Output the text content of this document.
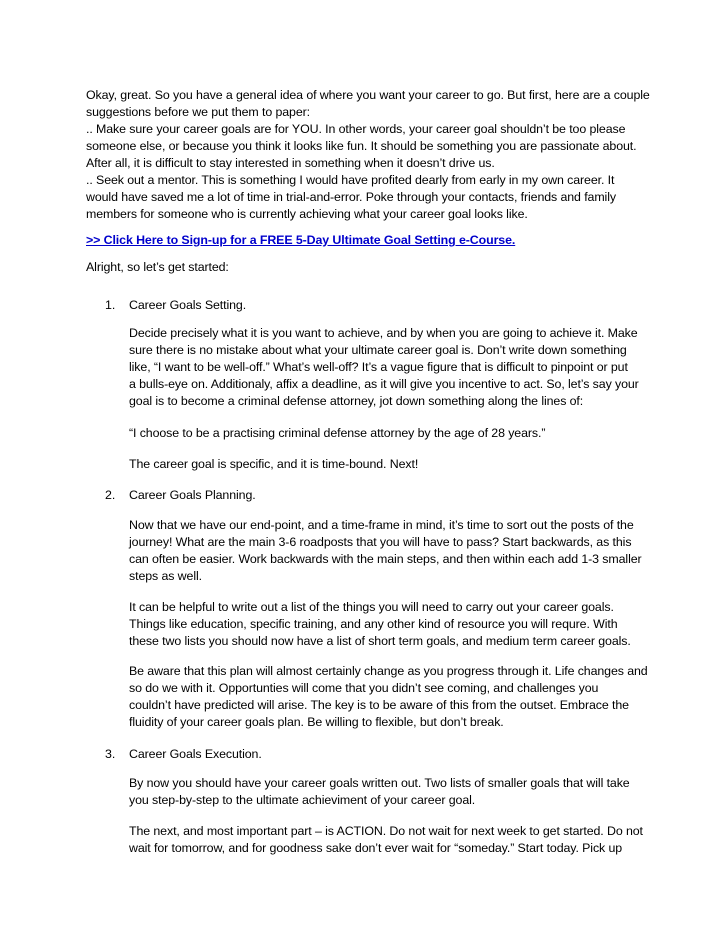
Okay, great. So you have a general idea of where you want your career to go. But first, here are a couple
suggestions before we put them to paper:
.. Make sure your career goals are for YOU. In other words, your career goal shouldn’t be too please
someone else, or because you think it looks like fun. It should be something you are passionate about.
After all, it is difficult to stay interested in something when it doesn’t drive us.
.. Seek out a mentor. This is something I would have profited dearly from early in my own career. It
would have saved me a lot of time in trial-and-error. Poke through your contacts, friends and family
members for someone who is currently achieving what your career goal looks like.
>> Click Here to Sign-up for a FREE 5-Day Ultimate Goal Setting e-Course.
Alright, so let’s get started:
1. Career Goals Setting.
Decide precisely what it is you want to achieve, and by when you are going to achieve it. Make
sure there is no mistake about what your ultimate career goal is. Don’t write down something
like, “I want to be well-off.” What’s well-off? It’s a vague figure that is difficult to pinpoint or put
a bulls-eye on. Additionaly, affix a deadline, as it will give you incentive to act. So, let’s say your
goal is to become a criminal defense attorney, jot down something along the lines of:
“I choose to be a practising criminal defense attorney by the age of 28 years.”
The career goal is specific, and it is time-bound. Next!
2. Career Goals Planning.
Now that we have our end-point, and a time-frame in mind, it’s time to sort out the posts of the
journey! What are the main 3-6 roadposts that you will have to pass? Start backwards, as this
can often be easier. Work backwards with the main steps, and then within each add 1-3 smaller
steps as well.
It can be helpful to write out a list of the things you will need to carry out your career goals.
Things like education, specific training, and any other kind of resource you will requre. With
these two lists you should now have a list of short term goals, and medium term career goals.
Be aware that this plan will almost certainly change as you progress through it. Life changes and
so do we with it. Opportunties will come that you didn’t see coming, and challenges you
couldn’t have predicted will arise. The key is to be aware of this from the outset. Embrace the
fluidity of your career goals plan. Be willing to flexible, but don’t break.
3. Career Goals Execution.
By now you should have your career goals written out. Two lists of smaller goals that will take
you step-by-step to the ultimate achieviment of your career goal.
The next, and most important part – is ACTION. Do not wait for next week to get started. Do not
wait for tomorrow, and for goodness sake don’t ever wait for “someday.” Start today. Pick up
